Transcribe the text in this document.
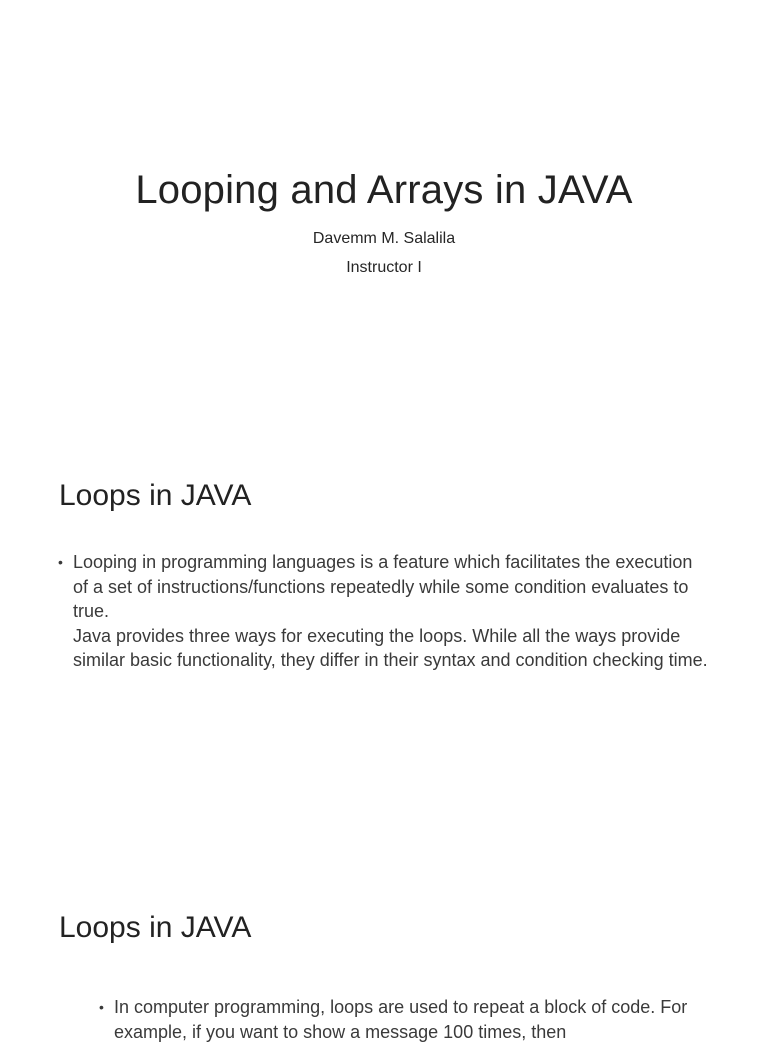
Looping and Arrays in JAVA

Davemm M. Salalila

Instructor I

Loops in JAVA
• Looping in programming languages is a feature which facilitates the execution of a set of instructions/functions repeatedly while some condition evaluates to true.
Java provides three ways for executing the loops. While all the ways provide similar basic functionality, they differ in their syntax and condition checking time.
Loops in JAVA
• In computer programming, loops are used to repeat a block of code. For example, if you want to show a message 100 times, then
